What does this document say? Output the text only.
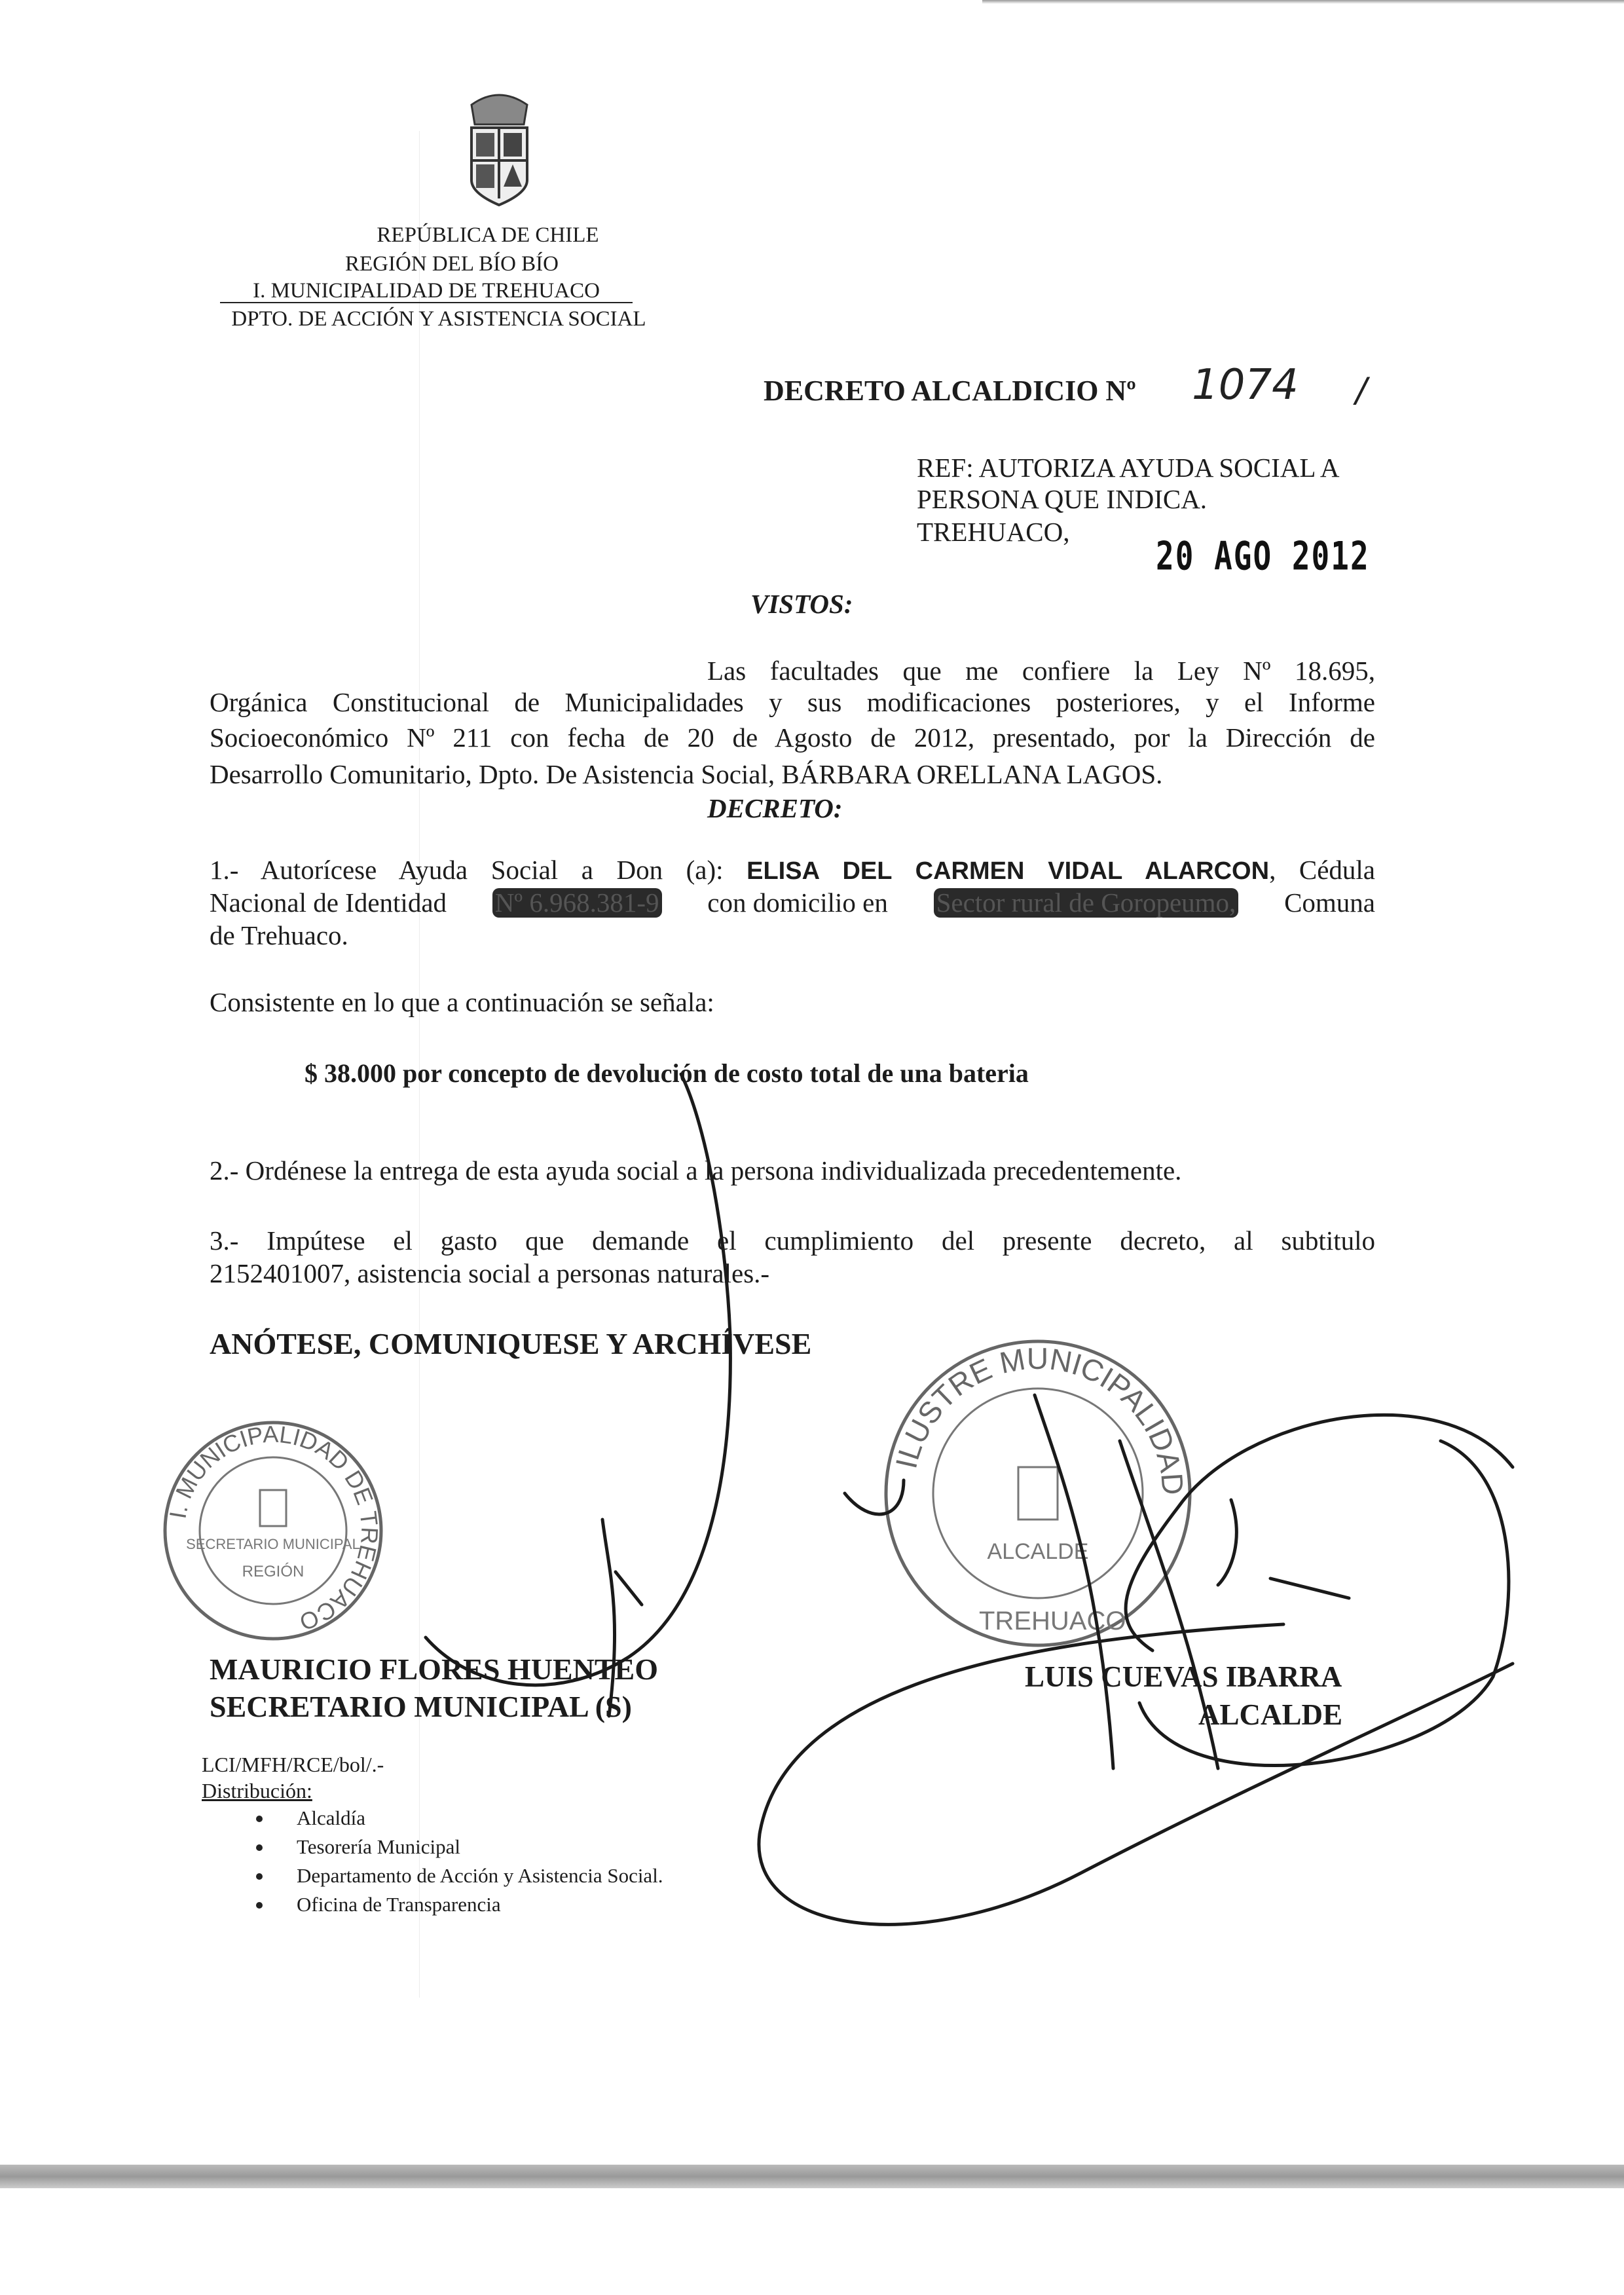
REPÚBLICA DE CHILE
REGIÓN DEL BÍO BÍO
I. MUNICIPALIDAD DE TREHUACO
DPTO. DE ACCIÓN Y ASISTENCIA SOCIAL
DECRETO ALCALDICIO Nº 1074 /
REF: AUTORIZA AYUDA SOCIAL A
PERSONA QUE INDICA.
TREHUACO,
20 AGO 2012
VISTOS:
Las facultades que me confiere la Ley Nº 18.695,
Orgánica Constitucional de Municipalidades y sus modificaciones posteriores, y el Informe
Socioeconómico Nº 211 con fecha de 20 de Agosto de 2012, presentado, por la Dirección de
Desarrollo Comunitario, Dpto. De Asistencia Social, BÁRBARA ORELLANA LAGOS.
DECRETO:
1.- Autorícese Ayuda Social a Don (a): ELISA DEL CARMEN VIDAL ALARCON, Cédula
Nacional de Identidad Nº 6.968.381-9 con domicilio en Sector rural de Goropeumo, Comuna
de Trehuaco.
Consistente en lo que a continuación se señala:
$ 38.000 por concepto de devolución de costo total de una bateria
2.- Ordénese la entrega de esta ayuda social a la persona individualizada precedentemente.
3.- Impútese el gasto que demande el cumplimiento del presente decreto, al subtitulo
2152401007, asistencia social a personas naturales.-
ANÓTESE, COMUNIQUESE Y ARCHÍVESE
I. MUNICIPALIDAD DE TREHUACO
SECRETARIO MUNICIPAL
REGIÓN
ILUSTRE MUNICIPALIDAD
ALCALDE
TREHUACO
MAURICIO FLORES HUENTEO
SECRETARIO MUNICIPAL (S)
LUIS CUEVAS IBARRA
ALCALDE
LCI/MFH/RCE/bol/.-
Distribución:
Alcaldía
Tesorería Municipal
Departamento de Acción y Asistencia Social.
Oficina de Transparencia
